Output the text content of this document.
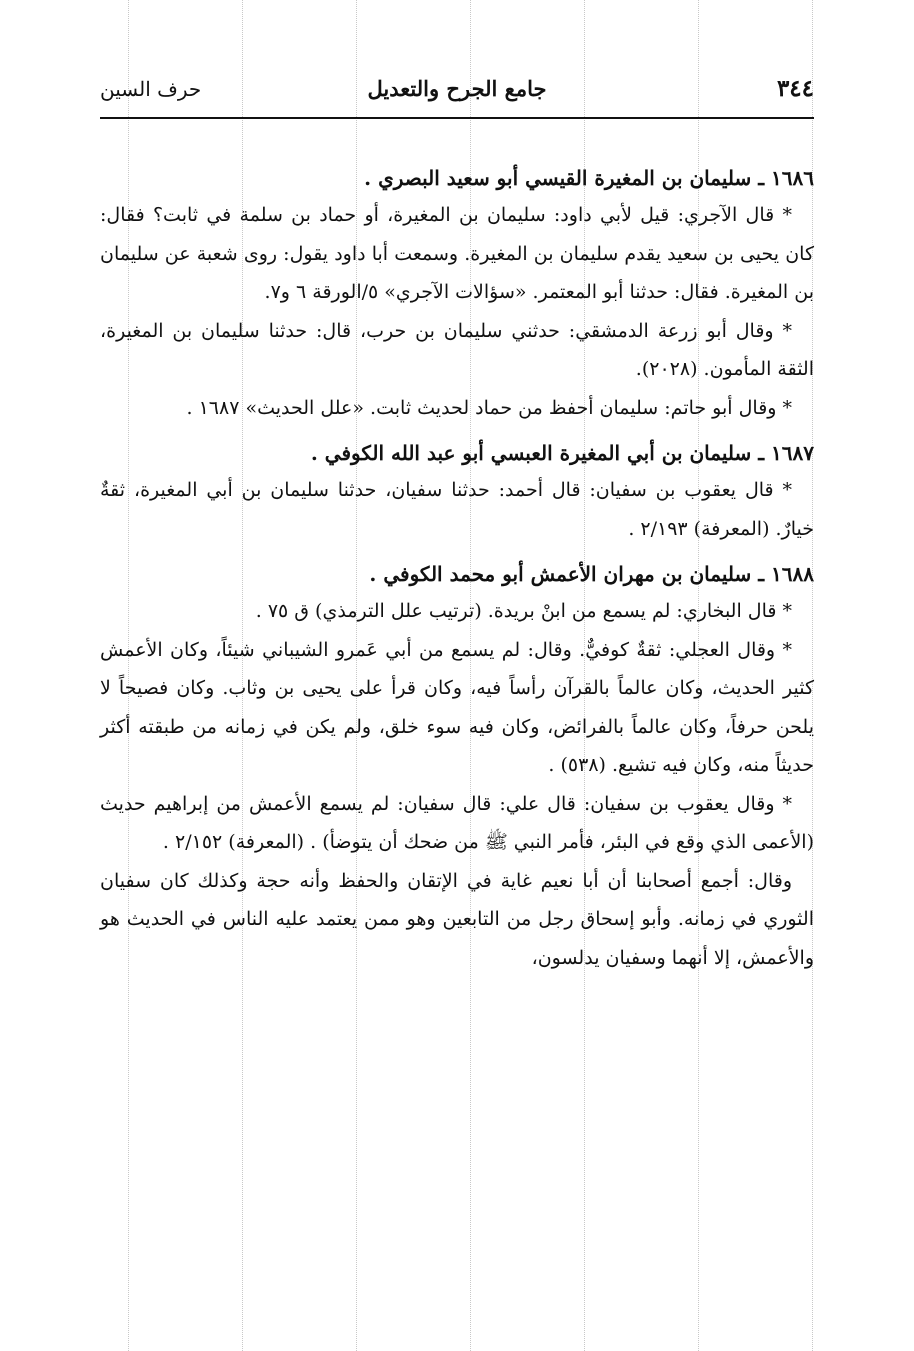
٣٤٤
جامع الجرح والتعديل
حرف السين

١٦٨٦ ـ سليمان بن المغيرة القيسي أبو سعيد البصري .

* قال الآجري: قيل لأبي داود: سليمان بن المغيرة، أو حماد بن سلمة في ثابت؟ فقال: كان يحيى بن سعيد يقدم سليمان بن المغيرة. وسمعت أبا داود يقول: روى شعبة عن سليمان بن المغيرة. فقال: حدثنا أبو المعتمر. «سؤالات الآجري» ٥/الورقة ٦ و٧.

* وقال أبو زرعة الدمشقي: حدثني سليمان بن حرب، قال: حدثنا سليمان بن المغيرة، الثقة المأمون. (٢٠٢٨).

* وقال أبو حاتم: سليمان أحفظ من حماد لحديث ثابت. «علل الحديث» ١٦٨٧ .

١٦٨٧ ـ سليمان بن أبي المغيرة العبسي أبو عبد الله الكوفي .

* قال يعقوب بن سفيان: قال أحمد: حدثنا سفيان، حدثنا سليمان بن أبي المغيرة، ثقةٌ خيارٌ. (المعرفة) ٢/١٩٣ .

١٦٨٨ ـ سليمان بن مهران الأعمش أبو محمد الكوفي .

* قال البخاري: لم يسمع من ابنْ بريدة. (ترتيب علل الترمذي) ق ٧٥ .

* وقال العجلي: ثقةٌ كوفيٌّ. وقال: لم يسمع من أبي عَمرو الشيباني شيئاً، وكان الأعمش كثير الحديث، وكان عالماً بالقرآن رأساً فيه، وكان قرأ على يحيى بن وثاب. وكان فصيحاً لا يلحن حرفاً، وكان عالماً بالفرائض، وكان فيه سوء خلق، ولم يكن في زمانه من طبقته أكثر حديثاً منه، وكان فيه تشيع. (٥٣٨) .

* وقال يعقوب بن سفيان: قال علي: قال سفيان: لم يسمع الأعمش من إبراهيم حديث (الأعمى الذي وقع في البئر، فأمر النبي ﷺ من ضحك أن يتوضأ) . (المعرفة) ٢/١٥٢ .

وقال: أجمع أصحابنا أن أبا نعيم غاية في الإتقان والحفظ وأنه حجة وكذلك كان سفيان الثوري في زمانه. وأبو إسحاق رجل من التابعين وهو ممن يعتمد عليه الناس في الحديث هو والأعمش، إلا أنهما وسفيان يدلسون،
